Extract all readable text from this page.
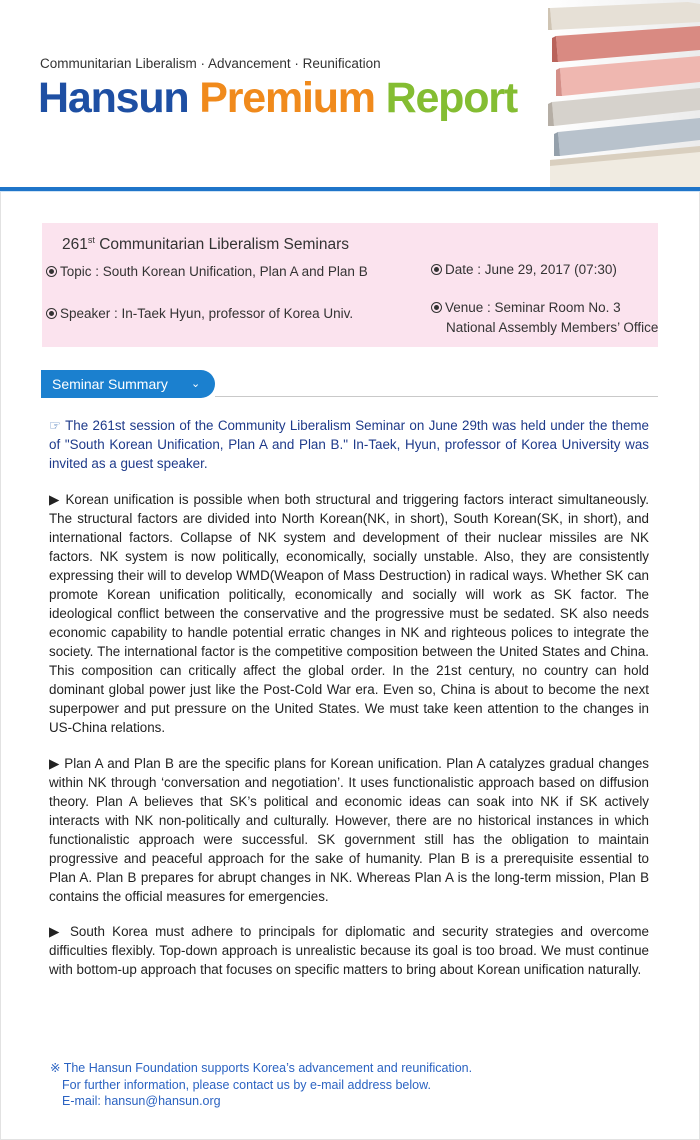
Communitarian Liberalism · Advancement · Reunification
Hansun Premium Report
261st Communitarian Liberalism Seminars
Topic : South Korean Unification, Plan A and Plan B
Speaker : In-Taek Hyun, professor of Korea Univ.
Date : June 29, 2017 (07:30)
Venue : Seminar Room No. 3
National Assembly Members’ Office
Seminar Summary ⌄
☞ The 261st session of the Community Liberalism Seminar on June 29th was held under the theme of "South Korean Unification, Plan A and Plan B." In-Taek, Hyun, professor of Korea University was invited as a guest speaker.
▶ Korean unification is possible when both structural and triggering factors interact simultaneously. The structural factors are divided into North Korean(NK, in short), South Korean(SK, in short), and international factors. Collapse of NK system and development of their nuclear missiles are NK factors. NK system is now politically, economically, socially unstable. Also, they are consistently expressing their will to develop WMD(Weapon of Mass Destruction) in radical ways. Whether SK can promote Korean unification politically, economically and socially will work as SK factor. The ideological conflict between the conservative and the progressive must be sedated. SK also needs economic capability to handle potential erratic changes in NK and righteous polices to integrate the society. The international factor is the competitive composition between the United States and China. This composition can critically affect the global order. In the 21st century, no country can hold dominant global power just like the Post-Cold War era. Even so, China is about to become the next superpower and put pressure on the United States. We must take keen attention to the changes in US-China relations.
▶ Plan A and Plan B are the specific plans for Korean unification. Plan A catalyzes gradual changes within NK through ‘conversation and negotiation’. It uses functionalistic approach based on diffusion theory. Plan A believes that SK’s political and economic ideas can soak into NK if SK actively interacts with NK non-politically and culturally. However, there are no historical instances in which functionalistic approach were successful. SK government still has the obligation to maintain progressive and peaceful approach for the sake of humanity. Plan B is a prerequisite essential to Plan A. Plan B prepares for abrupt changes in NK. Whereas Plan A is the long-term mission, Plan B contains the official measures for emergencies.
▶ South Korea must adhere to principals for diplomatic and security strategies and overcome difficulties flexibly. Top-down approach is unrealistic because its goal is too broad. We must continue with bottom-up approach that focuses on specific matters to bring about Korean unification naturally.
※ The Hansun Foundation supports Korea’s advancement and reunification.
For further information, please contact us by e-mail address below.
E-mail: hansun@hansun.org
